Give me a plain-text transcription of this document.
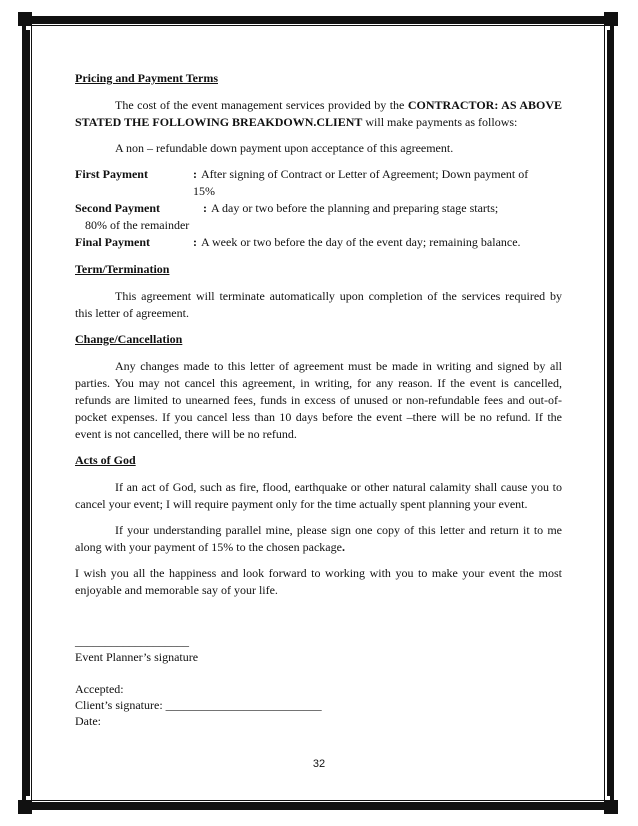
Pricing and Payment Terms

The cost of the event management services provided by the CONTRACTOR: AS ABOVE STATED THE FOLLOWING BREAKDOWN.CLIENT will make payments as follows:

A non – refundable down payment upon acceptance of this agreement.

First Payment	: After signing of Contract or Letter of Agreement; Down payment of
15%
Second Payment	: A day or two before the planning and preparing stage starts;
80% of the remainder
Final Payment	: A week or two before the day of the event day; remaining balance.
Term/Termination

This agreement will terminate automatically upon completion of the services required by this letter of agreement.

Change/Cancellation

Any changes made to this letter of agreement must be made in writing and signed by all parties. You may not cancel this agreement, in writing, for any reason. If the event is cancelled, refunds are limited to unearned fees, funds in excess of unused or non-refundable fees and out-of-pocket expenses. If you cancel less than 10 days before the event –there will be no refund. If the event is not cancelled, there will be no refund.

Acts of God

If an act of God, such as fire, flood, earthquake or other natural calamity shall cause you to cancel your event; I will require payment only for the time actually spent planning your event.

If your understanding parallel mine, please sign one copy of this letter and return it to me along with your payment of 15% to the chosen package.

I wish you all the happiness and look forward to working with you to make your event the most enjoyable and memorable say of your life.

___________________
Event Planner’s signature
Accepted:
Client’s signature: __________________________
Date:
32
